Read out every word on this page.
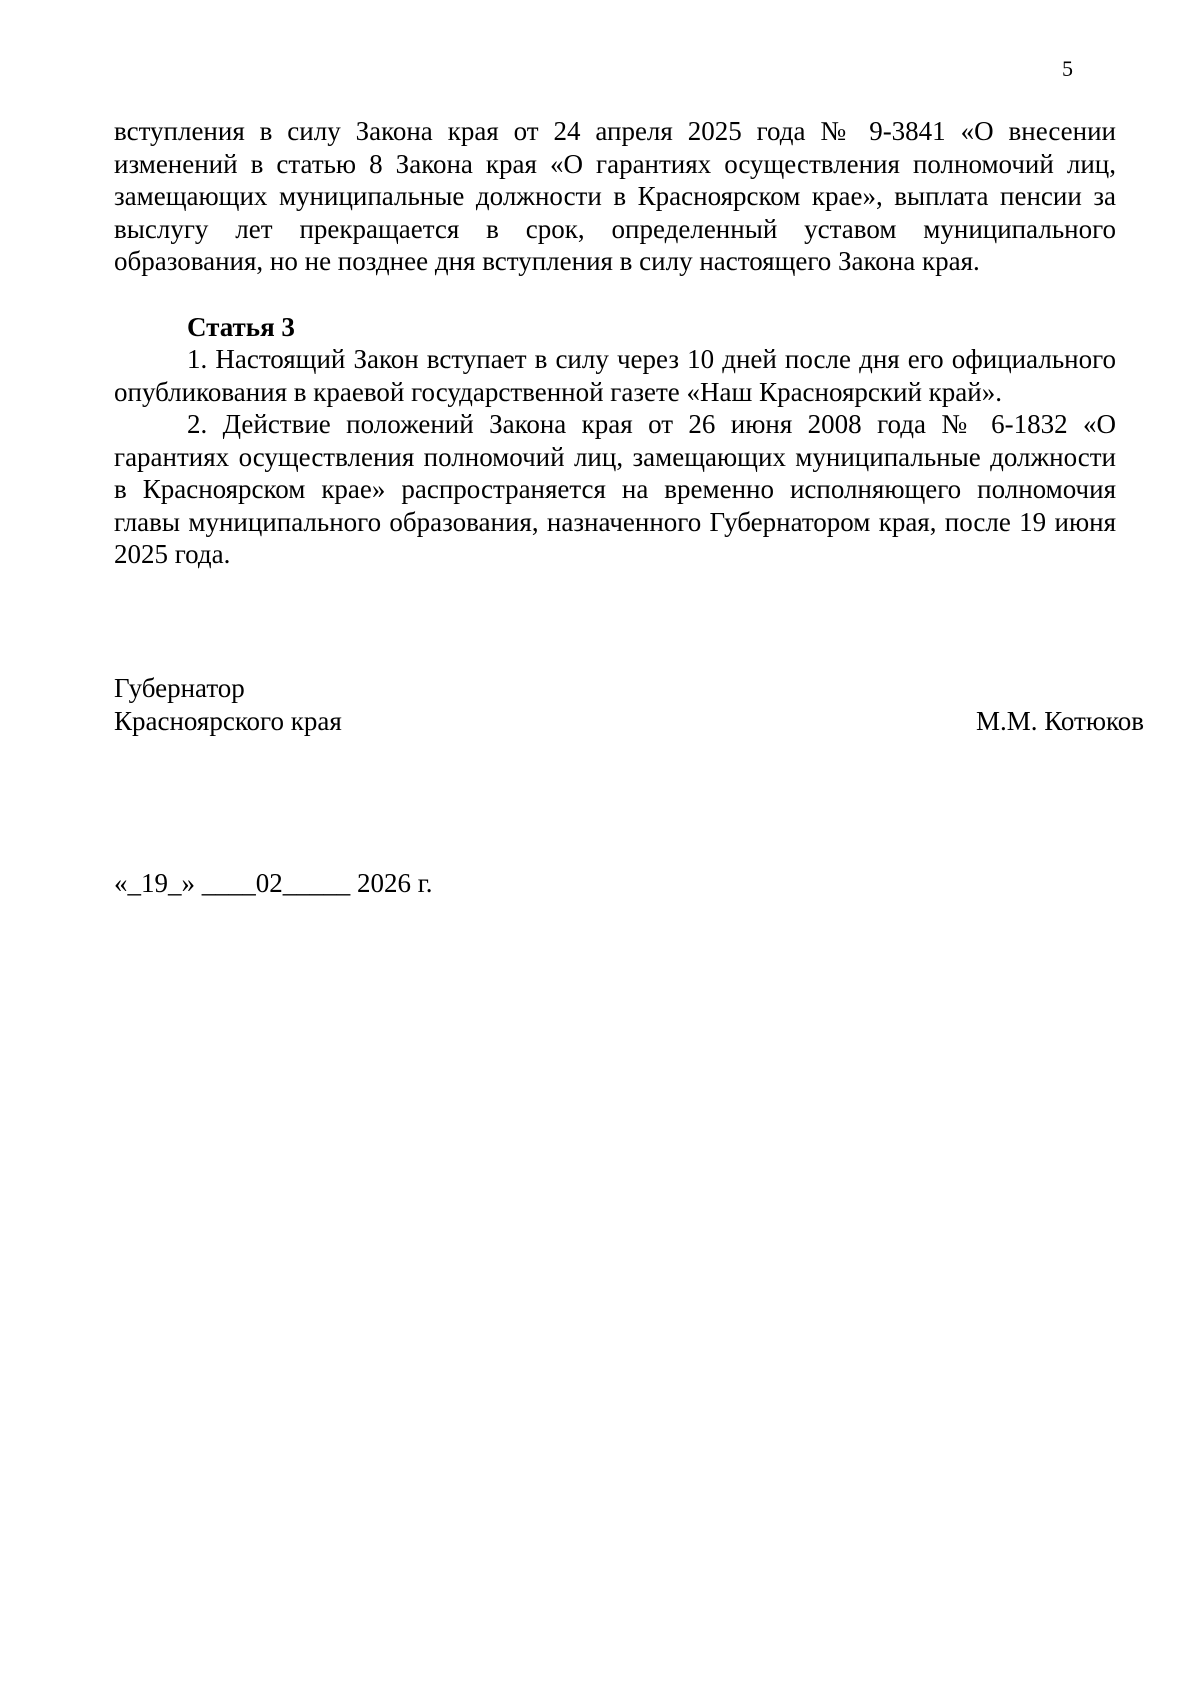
5

вступления в силу Закона края от 24 апреля 2025 года № 9-3841 «О внесении изменений в статью 8 Закона края «О гарантиях осуществления полномочий лиц, замещающих муниципальные должности в Красноярском крае», выплата пенсии за выслугу лет прекращается в срок, определенный уставом муниципального образования, но не позднее дня вступления в силу настоящего Закона края.

Статья 3

1. Настоящий Закон вступает в силу через 10 дней после дня его официального опубликования в краевой государственной газете «Наш Красноярский край».

2. Действие положений Закона края от 26 июня 2008 года № 6-1832 «О гарантиях осуществления полномочий лиц, замещающих муниципальные должности в Красноярском крае» распространяется на временно исполняющего полномочия главы муниципального образования, назначенного Губернатором края, после 19 июня 2025 года.

Губернатор
Красноярского края	М.М. Котюков
«_19_» ____02_____ 2026 г.
